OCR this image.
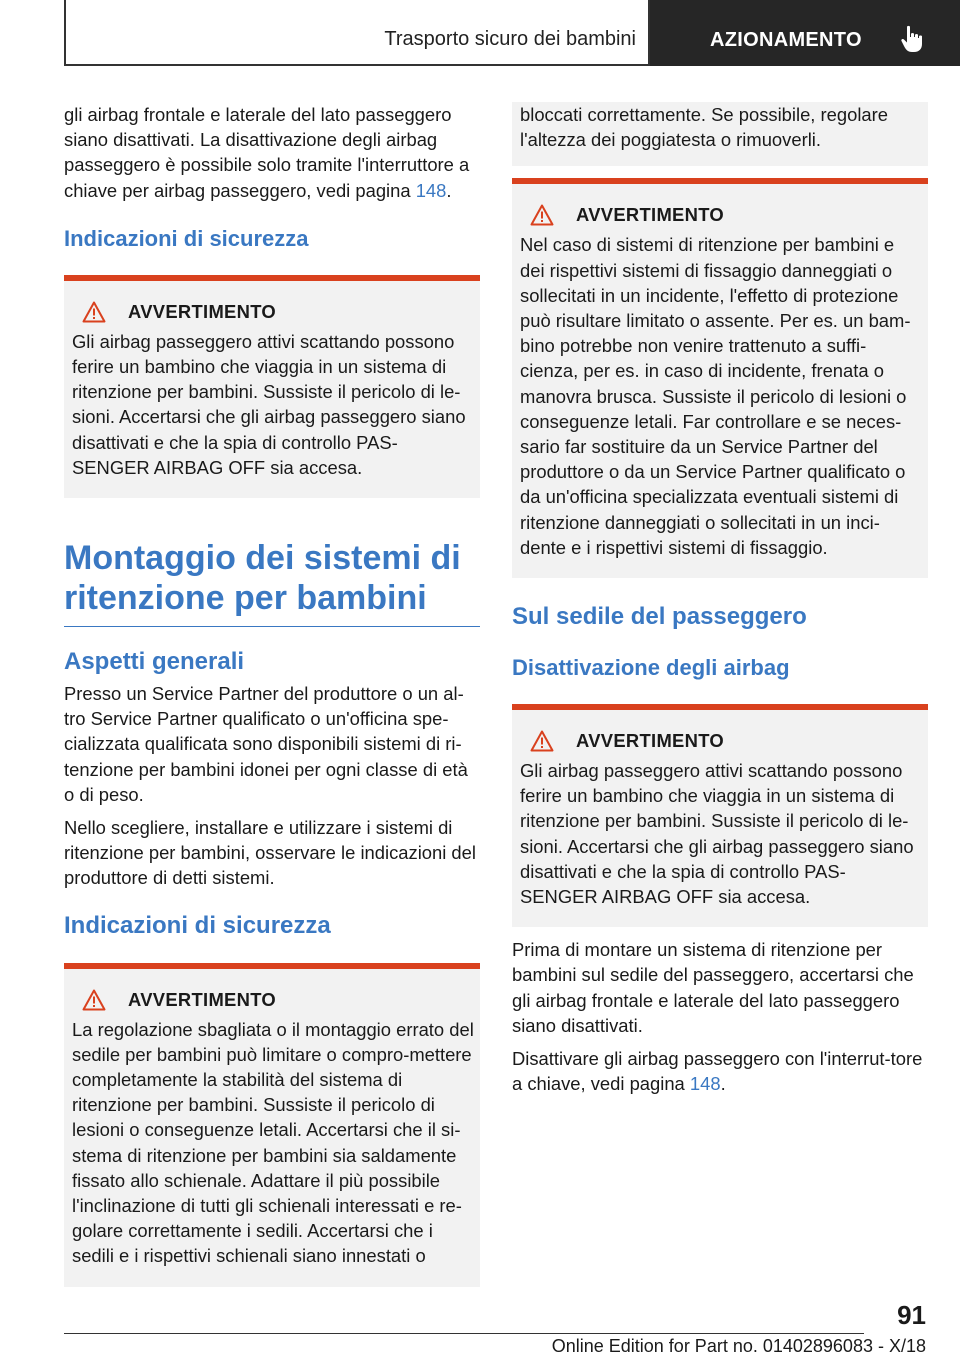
Trasporto sicuro dei bambini	AZIONAMENTO

gli airbag frontale e laterale del lato passeggero siano disattivati. La disattivazione degli airbag passeggero è possibile solo tramite l'interruttore a chiave per airbag passeggero, vedi pagina 148.

Indicazioni di sicurezza
AVVERTIMENTO

Gli airbag passeggero attivi scattando possono ferire un bambino che viaggia in un sistema di ritenzione per bambini. Sussiste il pericolo di le-sioni. Accertarsi che gli airbag passeggero siano disattivati e che la spia di controllo PAS-SENGER AIRBAG OFF sia accesa.

Montaggio dei sistemi di ritenzione per bambini
Aspetti generali

Presso un Service Partner del produttore o un al-tro Service Partner qualificato o un'officina spe-cializzata qualificata sono disponibili sistemi di ri-tenzione per bambini idonei per ogni classe di età o di peso.

Nello scegliere, installare e utilizzare i sistemi di ritenzione per bambini, osservare le indicazioni del produttore di detti sistemi.

Indicazioni di sicurezza
AVVERTIMENTO

La regolazione sbagliata o il montaggio errato del sedile per bambini può limitare o compro-mettere completamente la stabilità del sistema di ritenzione per bambini. Sussiste il pericolo di lesioni o conseguenze letali. Accertarsi che il si-stema di ritenzione per bambini sia saldamente fissato allo schienale. Adattare il più possibile l'inclinazione di tutti gli schienali interessati e re-golare correttamente i sedili. Accertarsi che i sedili e i rispettivi schienali siano innestati o

bloccati correttamente. Se possibile, regolare l'altezza dei poggiatesta o rimuoverli.

AVVERTIMENTO

Nel caso di sistemi di ritenzione per bambini e dei rispettivi sistemi di fissaggio danneggiati o sollecitati in un incidente, l'effetto di protezione può risultare limitato o assente. Per es. un bam-bino potrebbe non venire trattenuto a suffi-cienza, per es. in caso di incidente, frenata o manovra brusca. Sussiste il pericolo di lesioni o conseguenze letali. Far controllare e se neces-sario far sostituire da un Service Partner del produttore o da un Service Partner qualificato o da un'officina specializzata eventuali sistemi di ritenzione danneggiati o sollecitati in un inci-dente e i rispettivi sistemi di fissaggio.

Sul sedile del passeggero
Disattivazione degli airbag
AVVERTIMENTO

Gli airbag passeggero attivi scattando possono ferire un bambino che viaggia in un sistema di ritenzione per bambini. Sussiste il pericolo di le-sioni. Accertarsi che gli airbag passeggero siano disattivati e che la spia di controllo PAS-SENGER AIRBAG OFF sia accesa.

Prima di montare un sistema di ritenzione per bambini sul sedile del passeggero, accertarsi che gli airbag frontale e laterale del lato passeggero siano disattivati.

Disattivare gli airbag passeggero con l'interrut-tore a chiave, vedi pagina 148.

91
Online Edition for Part no. 01402896083 - X/18
